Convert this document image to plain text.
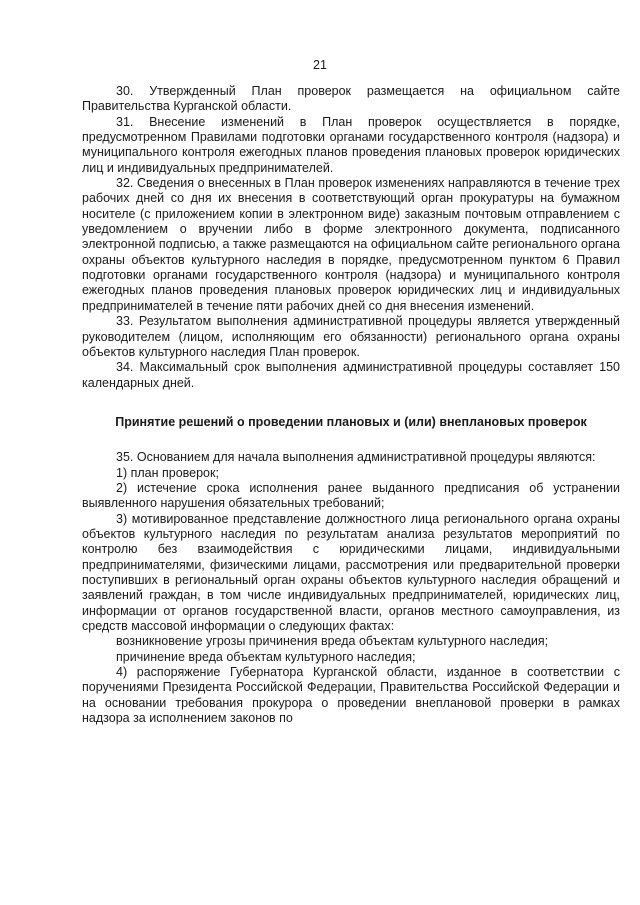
21

30. Утвержденный План проверок размещается на официальном сайте Правительства Курганской области.

31. Внесение изменений в План проверок осуществляется в порядке, предусмотренном Правилами подготовки органами государственного контроля (надзора) и муниципального контроля ежегодных планов проведения плановых проверок юридических лиц и индивидуальных предпринимателей.

32. Сведения о внесенных в План проверок изменениях направляются в течение трех рабочих дней со дня их внесения в соответствующий орган прокуратуры на бумажном носителе (с приложением копии в электронном виде) заказным почтовым отправлением с уведомлением о вручении либо в форме электронного документа, подписанного электронной подписью, а также размещаются на официальном сайте регионального органа охраны объектов культурного наследия в порядке, предусмотренном пунктом 6 Правил подготовки органами государственного контроля (надзора) и муниципального контроля ежегодных планов проведения плановых проверок юридических лиц и индивидуальных предпринимателей в течение пяти рабочих дней со дня внесения изменений.

33. Результатом выполнения административной процедуры является утвержденный руководителем (лицом, исполняющим его обязанности) регионального органа охраны объектов культурного наследия План проверок.

34. Максимальный срок выполнения административной процедуры составляет 150 календарных дней.

Принятие решений о проведении плановых и (или) внеплановых проверок

35. Основанием для начала выполнения административной процедуры являются:

1) план проверок;

2) истечение срока исполнения ранее выданного предписания об устранении выявленного нарушения обязательных требований;

3) мотивированное представление должностного лица регионального органа охраны объектов культурного наследия по результатам анализа результатов мероприятий по контролю без взаимодействия с юридическими лицами, индивидуальными предпринимателями, физическими лицами, рассмотрения или предварительной проверки поступивших в региональный орган охраны объектов культурного наследия обращений и заявлений граждан, в том числе индивидуальных предпринимателей, юридических лиц, информации от органов государственной власти, органов местного самоуправления, из средств массовой информации о следующих фактах:

возникновение угрозы причинения вреда объектам культурного наследия;

причинение вреда объектам культурного наследия;

4) распоряжение Губернатора Курганской области, изданное в соответствии с поручениями Президента Российской Федерации, Правительства Российской Федерации и на основании требования прокурора о проведении внеплановой проверки в рамках надзора за исполнением законов по
